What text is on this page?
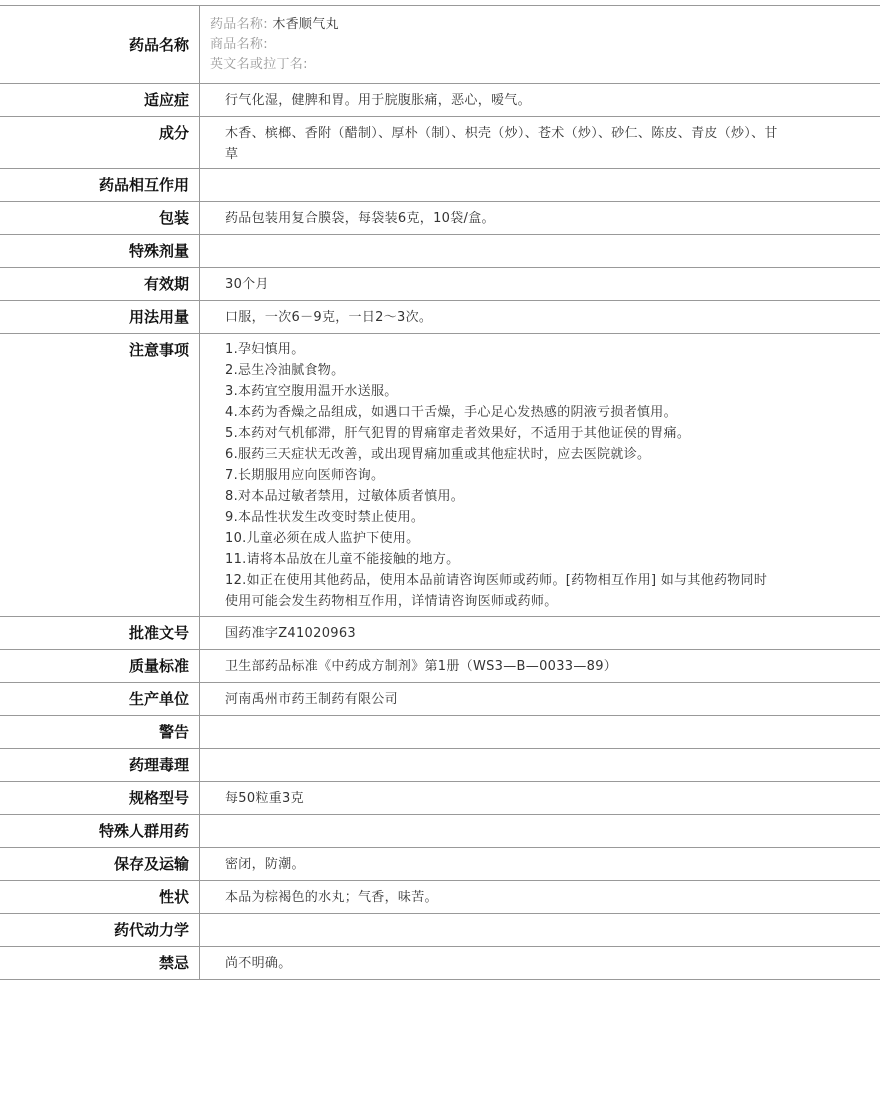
药品名称
药品名称: 木香顺气丸
商品名称:
英文名或拉丁名:
适应症	行气化湿，健脾和胃。用于脘腹胀痛，恶心，嗳气。
成分	木香、槟榔、香附（醋制）、厚朴（制）、枳壳（炒）、苍术（炒）、砂仁、陈皮、青皮（炒）、甘草
药品相互作用
包装	药品包装用复合膜袋，每袋装6克，10袋/盒。
特殊剂量
有效期	30个月
用法用量	口服，一次6－9克，一日2～3次。
注意事项	1.孕妇慎用。
2.忌生冷油腻食物。
3.本药宜空腹用温开水送服。
4.本药为香燥之品组成，如遇口干舌燥，手心足心发热感的阴液亏损者慎用。
5.本药对气机郁滞，肝气犯胃的胃痛窜走者效果好，不适用于其他证侯的胃痛。
6.服药三天症状无改善，或出现胃痛加重或其他症状时，应去医院就诊。
7.长期服用应向医师咨询。
8.对本品过敏者禁用，过敏体质者慎用。
9.本品性状发生改变时禁止使用。
10.儿童必须在成人监护下使用。
11.请将本品放在儿童不能接触的地方。
12.如正在使用其他药品，使用本品前请咨询医师或药师。[药物相互作用] 如与其他药物同时使用可能会发生药物相互作用，详情请咨询医师或药师。
批准文号	国药准字Z41020963
质量标准	卫生部药品标准《中药成方制剂》第1册（WS3—B—0033—89）
生产单位	河南禹州市药王制药有限公司
警告
药理毒理
规格型号	每50粒重3克
特殊人群用药
保存及运输	密闭，防潮。
性状	本品为棕褐色的水丸；气香，味苦。
药代动力学
禁忌	尚不明确。
